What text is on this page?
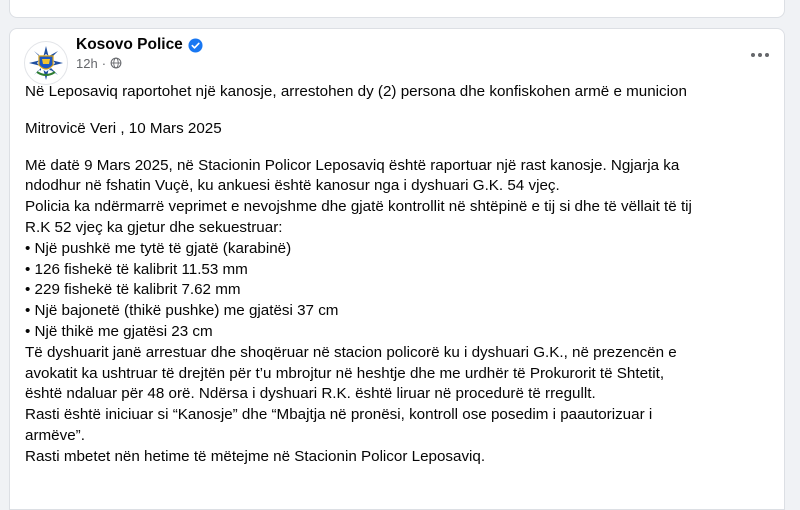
Kosovo Police
12h ·

Në Leposaviq raportohet një kanosje, arrestohen dy (2) persona dhe konfiskohen armë e municion

Mitrovicë Veri , 10 Mars 2025

Më datë 9 Mars 2025, në Stacionin Policor Leposaviq është raportuar një rast kanosje. Ngjarja ka
ndodhur në fshatin Vuçë, ku ankuesi është kanosur nga i dyshuari G.K. 54 vjeç.
Policia ka ndërmarrë veprimet e nevojshme dhe gjatë kontrollit në shtëpinë e tij si dhe të vëllait të tij
R.K 52 vjeç ka gjetur dhe sekuestruar:

• Një pushkë me tytë të gjatë (karabinë)
• 126 fishekë të kalibrit 11.53 mm
• 229 fishekë të kalibrit 7.62 mm
• Një bajonetë (thikë pushke) me gjatësi 37 cm
• Një thikë me gjatësi 23 cm

Të dyshuarit janë arrestuar dhe shoqëruar në stacion policorë ku i dyshuari G.K., në prezencën e
avokatit ka ushtruar të drejtën për t’u mbrojtur në heshtje dhe me urdhër të Prokurorit të Shtetit,
është ndaluar për 48 orë. Ndërsa i dyshuari R.K. është liruar në procedurë të rregullt.
Rasti është iniciuar si “Kanosje” dhe “Mbajtja në pronësi, kontroll ose posedim i paautorizuar i
armëve”.
Rasti mbetet nën hetime të mëtejme në Stacionin Policor Leposaviq.
